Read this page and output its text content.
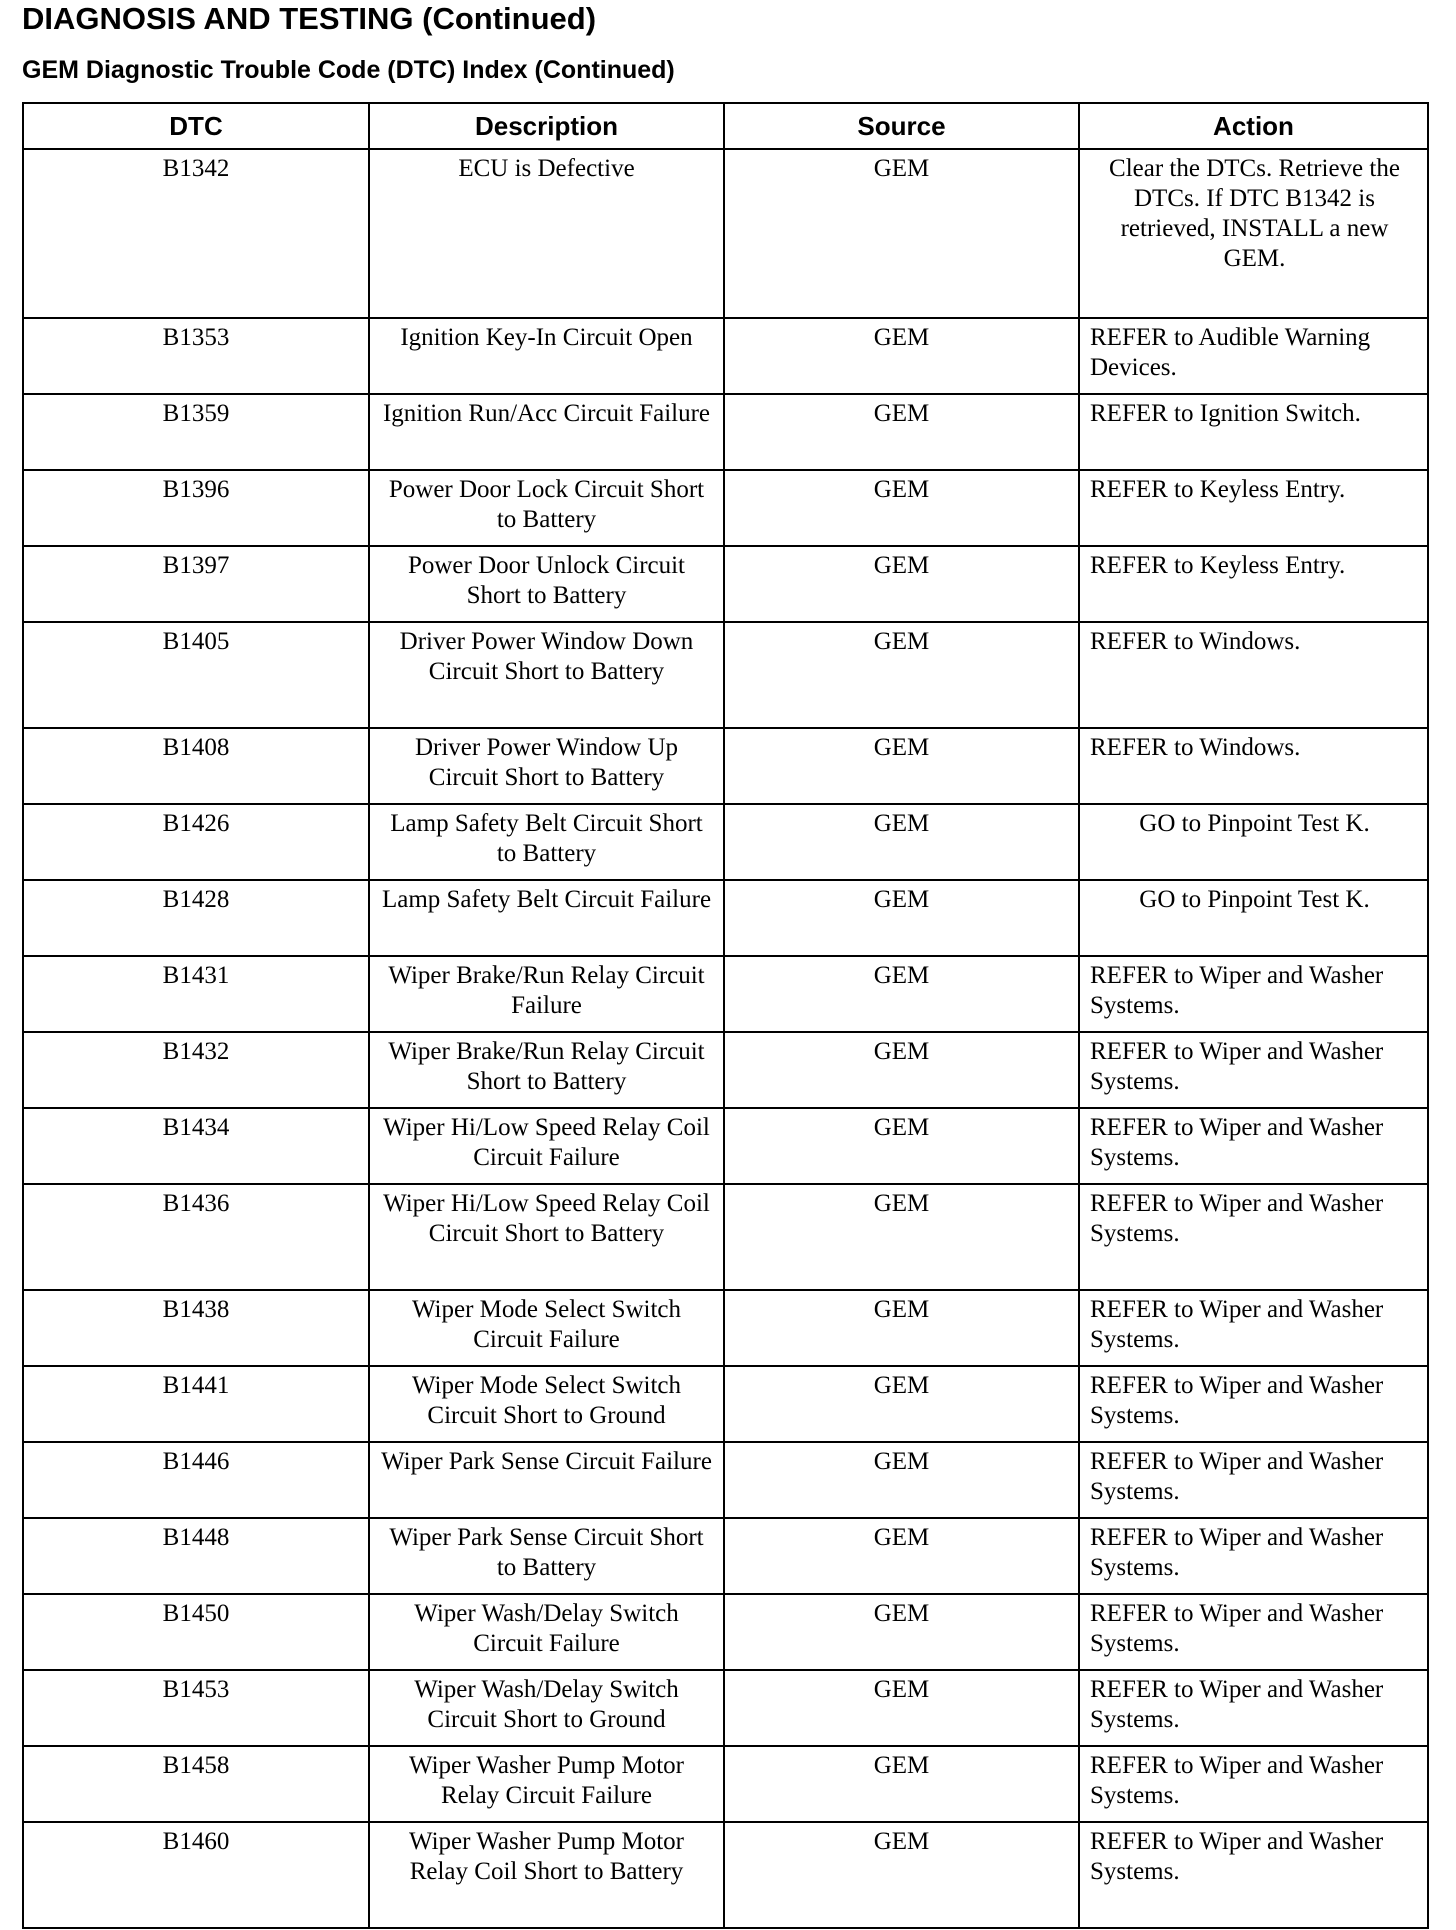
DIAGNOSIS AND TESTING (Continued)
GEM Diagnostic Trouble Code (DTC) Index (Continued)
DTC	Description	Source	Action
B1342	ECU is Defective	GEM	Clear the DTCs. Retrieve the DTCs. If DTC B1342 is retrieved, INSTALL a new GEM.
B1353	Ignition Key-In Circuit Open	GEM	REFER to Audible Warning Devices.
B1359	Ignition Run/Acc Circuit Failure	GEM	REFER to Ignition Switch.
B1396	Power Door Lock Circuit Short to Battery	GEM	REFER to Keyless Entry.
B1397	Power Door Unlock Circuit Short to Battery	GEM	REFER to Keyless Entry.
B1405	Driver Power Window Down Circuit Short to Battery	GEM	REFER to Windows.
B1408	Driver Power Window Up Circuit Short to Battery	GEM	REFER to Windows.
B1426	Lamp Safety Belt Circuit Short to Battery	GEM	GO to Pinpoint Test K.
B1428	Lamp Safety Belt Circuit Failure	GEM	GO to Pinpoint Test K.
B1431	Wiper Brake/Run Relay Circuit Failure	GEM	REFER to Wiper and Washer Systems.
B1432	Wiper Brake/Run Relay Circuit Short to Battery	GEM	REFER to Wiper and Washer Systems.
B1434	Wiper Hi/Low Speed Relay Coil Circuit Failure	GEM	REFER to Wiper and Washer Systems.
B1436	Wiper Hi/Low Speed Relay Coil Circuit Short to Battery	GEM	REFER to Wiper and Washer Systems.
B1438	Wiper Mode Select Switch Circuit Failure	GEM	REFER to Wiper and Washer Systems.
B1441	Wiper Mode Select Switch Circuit Short to Ground	GEM	REFER to Wiper and Washer Systems.
B1446	Wiper Park Sense Circuit Failure	GEM	REFER to Wiper and Washer Systems.
B1448	Wiper Park Sense Circuit Short to Battery	GEM	REFER to Wiper and Washer Systems.
B1450	Wiper Wash/Delay Switch Circuit Failure	GEM	REFER to Wiper and Washer Systems.
B1453	Wiper Wash/Delay Switch Circuit Short to Ground	GEM	REFER to Wiper and Washer Systems.
B1458	Wiper Washer Pump Motor Relay Circuit Failure	GEM	REFER to Wiper and Washer Systems.
B1460	Wiper Washer Pump Motor Relay Coil Short to Battery	GEM	REFER to Wiper and Washer Systems.
